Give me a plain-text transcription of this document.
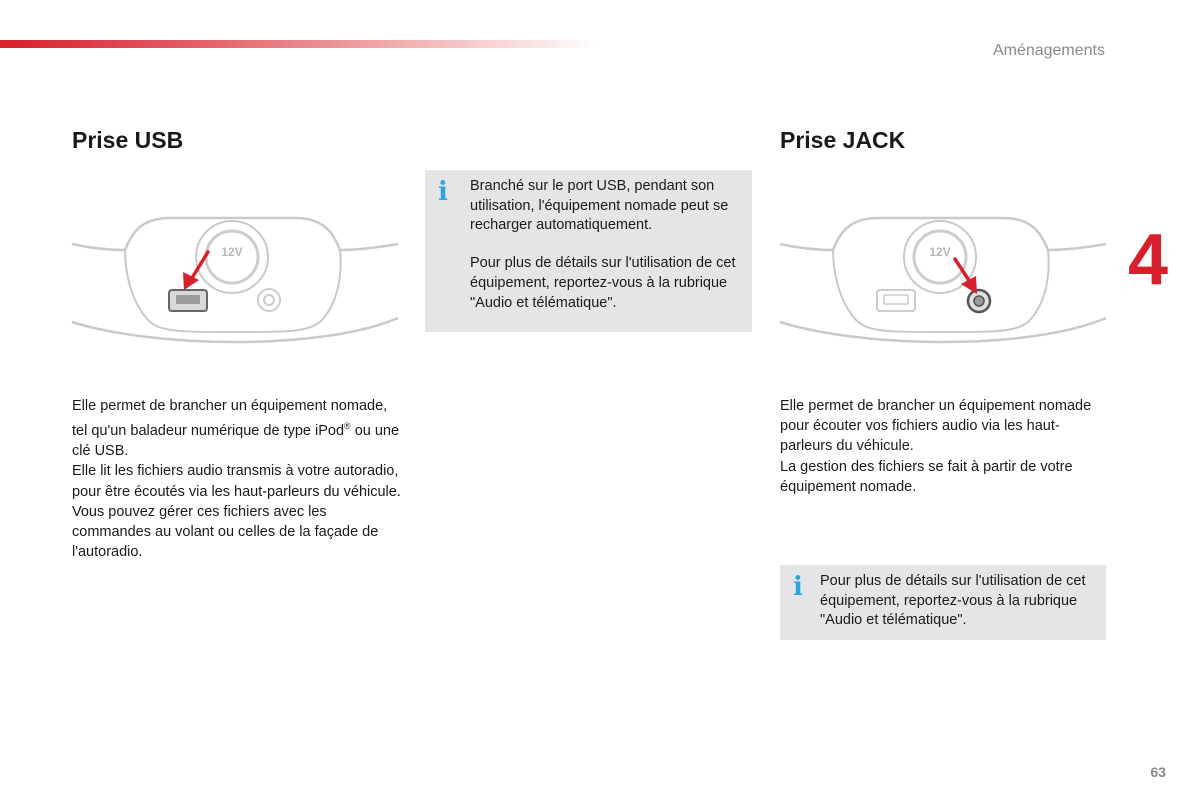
Aménagements
Prise USB
12V

Elle permet de brancher un équipement nomade, tel qu'un baladeur numérique de type iPod® ou une clé USB.

Elle lit les fichiers audio transmis à votre autoradio, pour être écoutés via les haut-parleurs du véhicule.

Vous pouvez gérer ces fichiers avec les commandes au volant ou celles de la façade de l'autoradio.

i Branché sur le port USB, pendant son utilisation, l'équipement nomade peut se recharger automatiquement.

Pour plus de détails sur l'utilisation de cet équipement, reportez-vous à la rubrique "Audio et télématique".

Prise JACK
12V

Elle permet de brancher un équipement nomade pour écouter vos fichiers audio via les haut-parleurs du véhicule.

La gestion des fichiers se fait à partir de votre équipement nomade.

i Pour plus de détails sur l'utilisation de cet équipement, reportez-vous à la rubrique "Audio et télématique".

4
63
